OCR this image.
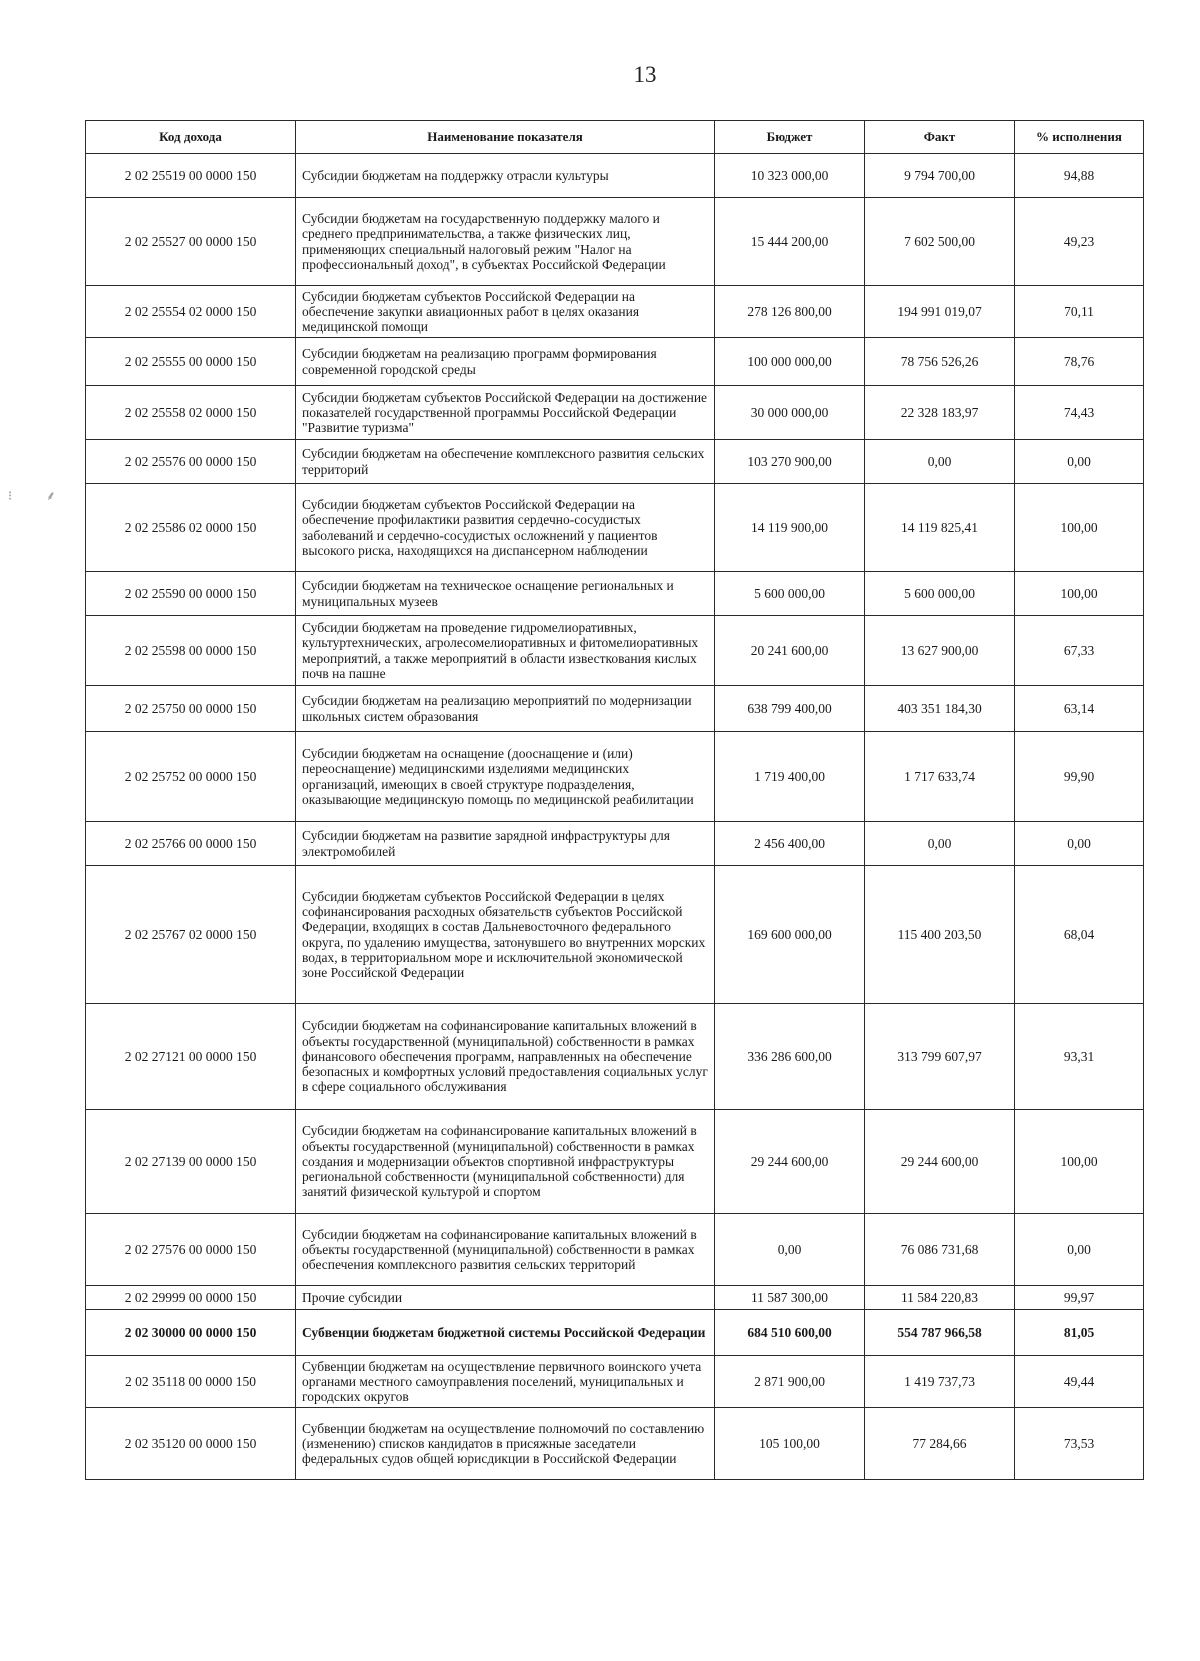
13
⁝	⸙
Код дохода	Наименование показателя	Бюджет	Факт	% исполнения
2 02 25519 00 0000 150	Субсидии бюджетам на поддержку отрасли культуры	10 323 000,00	9 794 700,00	94,88
2 02 25527 00 0000 150	Субсидии бюджетам на государственную поддержку малого и среднего предпринимательства, а также физических лиц, применяющих специальный налоговый режим "Налог на профессиональный доход", в субъектах Российской Федерации	15 444 200,00	7 602 500,00	49,23
2 02 25554 02 0000 150	Субсидии бюджетам субъектов Российской Федерации на обеспечение закупки авиационных работ в целях оказания медицинской помощи	278 126 800,00	194 991 019,07	70,11
2 02 25555 00 0000 150	Субсидии бюджетам на реализацию программ формирования современной городской среды	100 000 000,00	78 756 526,26	78,76
2 02 25558 02 0000 150	Субсидии бюджетам субъектов Российской Федерации на достижение показателей государственной программы Российской Федерации "Развитие туризма"	30 000 000,00	22 328 183,97	74,43
2 02 25576 00 0000 150	Субсидии бюджетам на обеспечение комплексного развития сельских территорий	103 270 900,00	0,00	0,00
2 02 25586 02 0000 150	Субсидии бюджетам субъектов Российской Федерации на обеспечение профилактики развития сердечно-сосудистых заболеваний и сердечно-сосудистых осложнений у пациентов высокого риска, находящихся на диспансерном наблюдении	14 119 900,00	14 119 825,41	100,00
2 02 25590 00 0000 150	Субсидии бюджетам на техническое оснащение региональных и муниципальных музеев	5 600 000,00	5 600 000,00	100,00
2 02 25598 00 0000 150	Субсидии бюджетам на проведение гидромелиоративных, культуртехнических, агролесомелиоративных и фитомелиоративных мероприятий, а также мероприятий в области известкования кислых почв на пашне	20 241 600,00	13 627 900,00	67,33
2 02 25750 00 0000 150	Субсидии бюджетам на реализацию мероприятий по модернизации школьных систем образования	638 799 400,00	403 351 184,30	63,14
2 02 25752 00 0000 150	Субсидии бюджетам на оснащение (дооснащение и (или) переоснащение) медицинскими изделиями медицинских организаций, имеющих в своей структуре подразделения, оказывающие медицинскую помощь по медицинской реабилитации	1 719 400,00	1 717 633,74	99,90
2 02 25766 00 0000 150	Субсидии бюджетам на развитие зарядной инфраструктуры для электромобилей	2 456 400,00	0,00	0,00
2 02 25767 02 0000 150	Субсидии бюджетам субъектов Российской Федерации в целях софинансирования расходных обязательств субъектов Российской Федерации, входящих в состав Дальневосточного федерального округа, по удалению имущества, затонувшего во внутренних морских водах, в территориальном море и исключительной экономической зоне Российской Федерации	169 600 000,00	115 400 203,50	68,04
2 02 27121 00 0000 150	Субсидии бюджетам на софинансирование капитальных вложений в объекты государственной (муниципальной) собственности в рамках финансового обеспечения программ, направленных на обеспечение безопасных и комфортных условий предоставления социальных услуг в сфере социального обслуживания	336 286 600,00	313 799 607,97	93,31
2 02 27139 00 0000 150	Субсидии бюджетам на софинансирование капитальных вложений в объекты государственной (муниципальной) собственности в рамках создания и модернизации объектов спортивной инфраструктуры региональной собственности (муниципальной собственности) для занятий физической культурой и спортом	29 244 600,00	29 244 600,00	100,00
2 02 27576 00 0000 150	Субсидии бюджетам на софинансирование капитальных вложений в объекты государственной (муниципальной) собственности в рамках обеспечения комплексного развития сельских территорий	0,00	76 086 731,68	0,00
2 02 29999 00 0000 150	Прочие субсидии	11 587 300,00	11 584 220,83	99,97
2 02 30000 00 0000 150	Субвенции бюджетам бюджетной системы Российской Федерации	684 510 600,00	554 787 966,58	81,05
2 02 35118 00 0000 150	Субвенции бюджетам на осуществление первичного воинского учета органами местного самоуправления поселений, муниципальных и городских округов	2 871 900,00	1 419 737,73	49,44
2 02 35120 00 0000 150	Субвенции бюджетам на осуществление полномочий по составлению (изменению) списков кандидатов в присяжные заседатели федеральных судов общей юрисдикции в Российской Федерации	105 100,00	77 284,66	73,53
